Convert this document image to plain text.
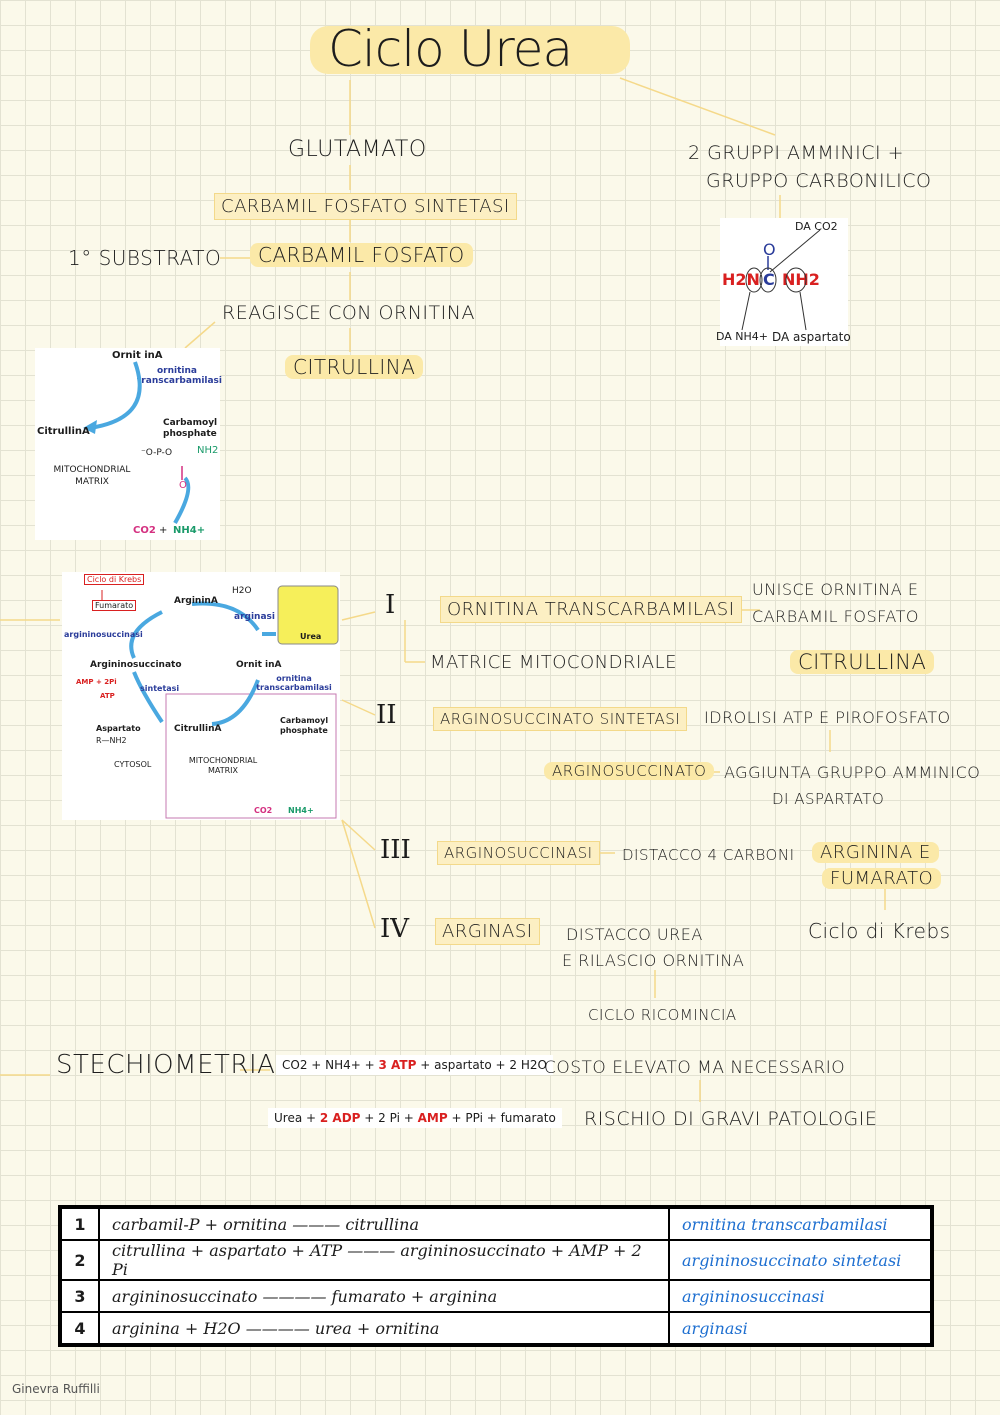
Ciclo Urea
GLUTAMATO
CARBAMIL FOSFATO SINTETASI
1° SUBSTRATO	CARBAMIL FOSFATO
REAGISCE CON ORNITINA
CITRULLINA
2 GRUPPI AMMINICI +
GRUPPO CARBONILICO
DA CO2
O
H2N C NH2
DA NH4+ DA aspartato
Ornit inA
ornitina transcarbamilasi
CitrullinA
Carbamoyl phosphate
⁻O-P-O NH2
O
MITOCHONDRIAL MATRIX
CO2 + NH4+
Ciclo di Krebs
Fumarato	ArgininA
H2O
arginasi
Urea
argininosuccinasi
Argininosuccinato	Ornit inA
ornitina transcarbamilasi
AMP + 2Pi
sintetasi
ATP
Aspartato
R—NH2
CitrullinA
Carbamoyl phosphate
CYTOSOL	MITOCHONDRIAL MATRIX
CO2 NH4+
I	ORNITINA TRANSCARBAMILASI
UNISCE ORNITINA E CARBAMIL FOSFATO
MATRICE MITOCONDRIALE	CITRULLINA
II	ARGINOSUCCINATO SINTETASI	IDROLISI ATP E PIROFOSFATO
ARGINOSUCCINATO	AGGIUNTA GRUPPO AMMINICO
DI ASPARTATO
III	ARGINOSUCCINASI	DISTACCO 4 CARBONI	ARGININA E
FUMARATO
IV	ARGINASI	DISTACCO UREA
E RILASCIO ORNITINA
Ciclo di Krebs
CICLO RICOMINCIA
STECHIOMETRIA CO2 + NH4+ + 3 ATP + aspartato + 2 H2O
Urea + 2 ADP + 2 Pi + AMP + PPi + fumarato
COSTO ELEVATO MA NECESSARIO
RISCHIO DI GRAVI PATOLOGIE
1	carbamil-P + ornitina ——— citrullina	ornitina transcarbamilasi
2	citrullina + aspartato + ATP ——— argininosuccinato + AMP + 2 Pi	argininosuccinato sintetasi
3	argininosuccinato ———— fumarato + arginina	argininosuccinasi
4	arginina + H2O ———— urea + ornitina	arginasi
Ginevra Ruffilli
